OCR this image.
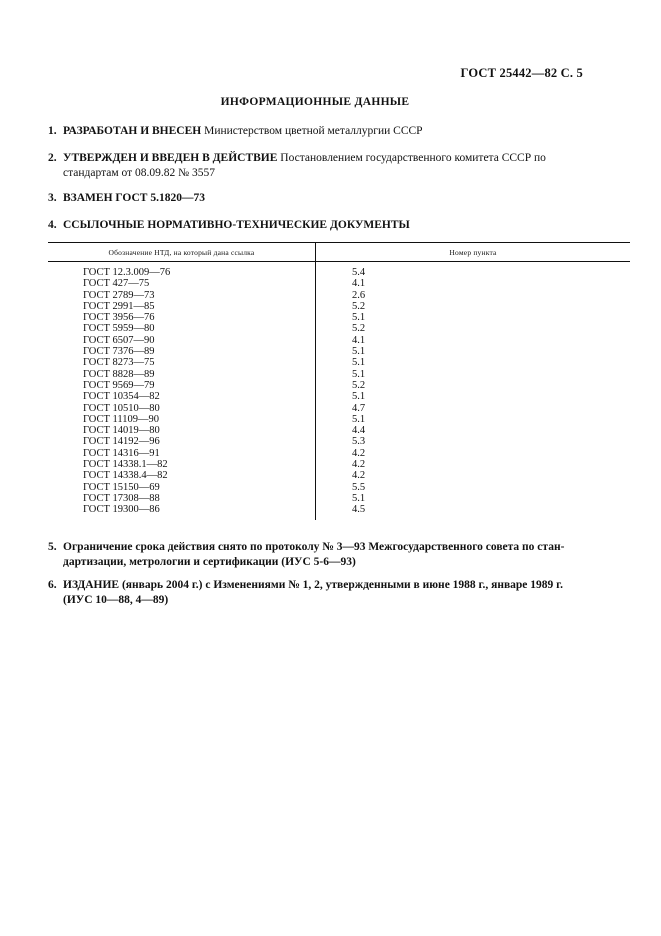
ГОСТ 25442—82 С. 5
ИНФОРМАЦИОННЫЕ ДАННЫЕ
1. РАЗРАБОТАН И ВНЕСЕН Министерством цветной металлургии СССР
2. УТВЕРЖДЕН И ВВЕДЕН В ДЕЙСТВИЕ Постановлением государственного комитета СССР по
стандартам от 08.09.82 № 3557
3. ВЗАМЕН ГОСТ 5.1820—73
4. ССЫЛОЧНЫЕ НОРМАТИВНО-ТЕХНИЧЕСКИЕ ДОКУМЕНТЫ
Обозначение НТД, на который дана ссылка	Номер пункта
ГОСТ 12.3.009—76	5.4
ГОСТ 427—75	4.1
ГОСТ 2789—73	2.6
ГОСТ 2991—85	5.2
ГОСТ 3956—76	5.1
ГОСТ 5959—80	5.2
ГОСТ 6507—90	4.1
ГОСТ 7376—89	5.1
ГОСТ 8273—75	5.1
ГОСТ 8828—89	5.1
ГОСТ 9569—79	5.2
ГОСТ 10354—82	5.1
ГОСТ 10510—80	4.7
ГОСТ 11109—90	5.1
ГОСТ 14019—80	4.4
ГОСТ 14192—96	5.3
ГОСТ 14316—91	4.2
ГОСТ 14338.1—82	4.2
ГОСТ 14338.4—82	4.2
ГОСТ 15150—69	5.5
ГОСТ 17308—88	5.1
ГОСТ 19300—86	4.5
5. Ограничение срока действия снято по протоколу № 3—93 Межгосударственного совета по стан-
дартизации, метрологии и сертификации (ИУС 5-6—93)
6. ИЗДАНИЕ (январь 2004 г.) с Изменениями № 1, 2, утвержденными в июне 1988 г., январе 1989 г.
(ИУС 10—88, 4—89)
